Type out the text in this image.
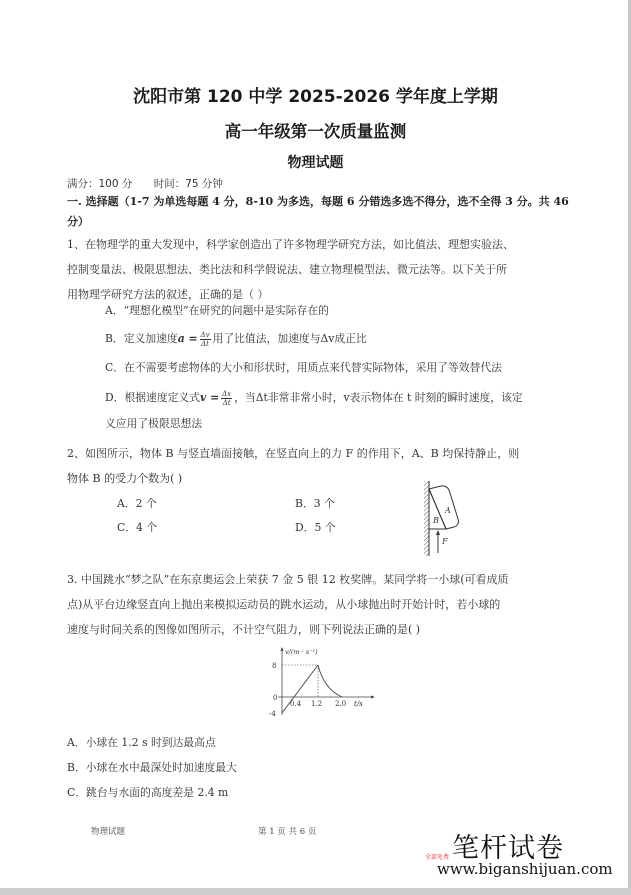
沈阳市第 120 中学 2025-2026 学年度上学期
高一年级第一次质量监测
物理试题
满分：100 分 时间：75 分钟
一. 选择题（1-7 为单选每题 4 分，8-10 为多选，每题 6 分错选多选不得分，选不全得 3 分。共 46 分）
1、在物理学的重大发现中，科学家创造出了许多物理学研究方法，如比值法、理想实验法、
控制变量法、极限思想法、类比法和科学假说法、建立物理模型法、微元法等。以下关于所
用物理学研究方法的叙述，正确的是（ ）
A．“理想化模型”在研究的问题中是实际存在的
B．定义加速度$a = \frac{\Delta v}{\Delta t}$ 用了比值法，加速度与Δv成正比
C．在不需要考虑物体的大小和形状时，用质点来代替实际物体，采用了等效替代法
D．根据速度定义式$v = \frac{\Delta x}{\Delta t}$ ，当Δt非常非常小时，v表示物体在 t 时刻的瞬时速度，该定
义应用了极限思想法
2、如图所示，物体 B 与竖直墙面接触，在竖直向上的力 F 的作用下，A、B 均保持静止，则
物体 B 的受力个数为( )
A．2 个	B．3 个
C．4 个	D．5 个
A
B
F
3. 中国跳水“梦之队”在东京奥运会上荣获 7 金 5 银 12 枚奖牌。某同学将一小球(可看成质
点)从平台边缘竖直向上抛出来模拟运动员的跳水运动，从小球抛出时开始计时，若小球的
速度与时间关系的图像如图所示，不计空气阻力，则下列说法正确的是( )
v/(m · s⁻¹)
8
0
-4
0.4 1.2 2.0 t/s
A．小球在 1.2 s 时到达最高点
B．小球在水中最深处时加速度最大
C．跳台与水面的高度差是 2.4 m
物理试题	第 1 页 共 6 页
全部免费 笔杆试卷
www.biganshijuan.com
